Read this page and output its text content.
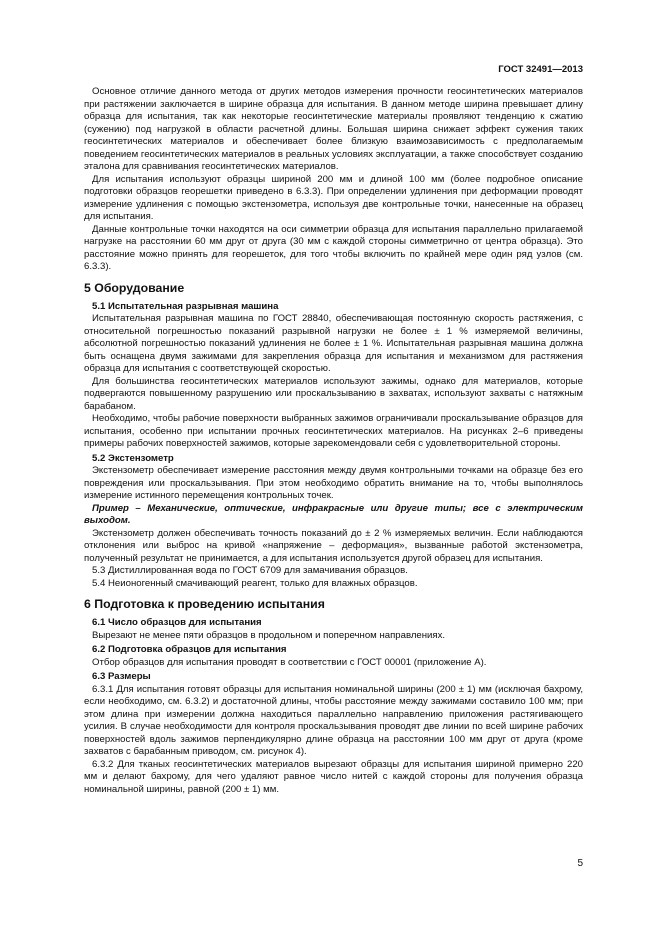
ГОСТ 32491—2013

Основное отличие данного метода от других методов измерения прочности геосинтетических материалов при растяжении заключается в ширине образца для испытания. В данном методе ширина превышает длину образца для испытания, так как некоторые геосинтетические материалы проявляют тенденцию к сжатию (сужению) под нагрузкой в области расчетной длины. Большая ширина снижает эффект сужения таких геосинтетических материалов и обеспечивает более близкую взаимозависимость с предполагаемым поведением геосинтетических материалов в реальных условиях эксплуатации, а также способствует созданию эталона для сравнивания геосинтетических материалов.

Для испытания используют образцы шириной 200 мм и длиной 100 мм (более подробное описание подготовки образцов георешетки приведено в 6.3.3). При определении удлинения при деформации проводят измерение удлинения с помощью экстензометра, используя две контрольные точки, нанесенные на образец для испытания.

Данные контрольные точки находятся на оси симметрии образца для испытания параллельно прилагаемой нагрузке на расстоянии 60 мм друг от друга (30 мм с каждой стороны симметрично от центра образца). Это расстояние можно принять для георешеток, для того чтобы включить по крайней мере один ряд узлов (см. 6.3.3).

5 Оборудование
5.1 Испытательная разрывная машина

Испытательная разрывная машина по ГОСТ 28840, обеспечивающая постоянную скорость растяжения, с относительной погрешностью показаний разрывной нагрузки не более ± 1 % измеряемой величины, абсолютной погрешностью показаний удлинения не более ± 1 %. Испытательная разрывная машина должна быть оснащена двумя зажимами для закрепления образца для испытания и механизмом для растяжения образца для испытания с соответствующей скоростью.

Для большинства геосинтетических материалов используют зажимы, однако для материалов, которые подвергаются повышенному разрушению или проскальзыванию в захватах, используют захваты с натяжным барабаном.

Необходимо, чтобы рабочие поверхности выбранных зажимов ограничивали проскальзывание образцов для испытания, особенно при испытании прочных геосинтетических материалов. На рисунках 2–6 приведены примеры рабочих поверхностей зажимов, которые зарекомендовали себя с удовлетворительной стороны.

5.2 Экстензометр

Экстензометр обеспечивает измерение расстояния между двумя контрольными точками на образце без его повреждения или проскальзывания. При этом необходимо обратить внимание на то, чтобы выполнялось измерение истинного перемещения контрольных точек.

Пример – Механические, оптические, инфракрасные или другие типы; все с электрическим выходом.

Экстензометр должен обеспечивать точность показаний до ± 2 % измеряемых величин. Если наблюдаются отклонения или выброс на кривой «напряжение – деформация», вызванные работой экстензометра, полученный результат не принимается, а для испытания используется другой образец для испытания.

5.3 Дистиллированная вода по ГОСТ 6709 для замачивания образцов.

5.4 Неионогенный смачивающий реагент, только для влажных образцов.

6 Подготовка к проведению испытания
6.1 Число образцов для испытания

Вырезают не менее пяти образцов в продольном и поперечном направлениях.

6.2 Подготовка образцов для испытания

Отбор образцов для испытания проводят в соответствии с ГОСТ 00001 (приложение А).

6.3 Размеры

6.3.1 Для испытания готовят образцы для испытания номинальной ширины (200 ± 1) мм (исключая бахрому, если необходимо, см. 6.3.2) и достаточной длины, чтобы расстояние между зажимами составило 100 мм; при этом длина при измерении должна находиться параллельно направлению приложения растягивающего усилия. В случае необходимости для контроля проскальзывания проводят две линии по всей ширине рабочих поверхностей вдоль зажимов перпендикулярно длине образца на расстоянии 100 мм друг от друга (кроме захватов с барабанным приводом, см. рисунок 4).

6.3.2 Для тканых геосинтетических материалов вырезают образцы для испытания шириной примерно 220 мм и делают бахрому, для чего удаляют равное число нитей с каждой стороны для получения образца номинальной ширины, равной (200 ± 1) мм.

5
